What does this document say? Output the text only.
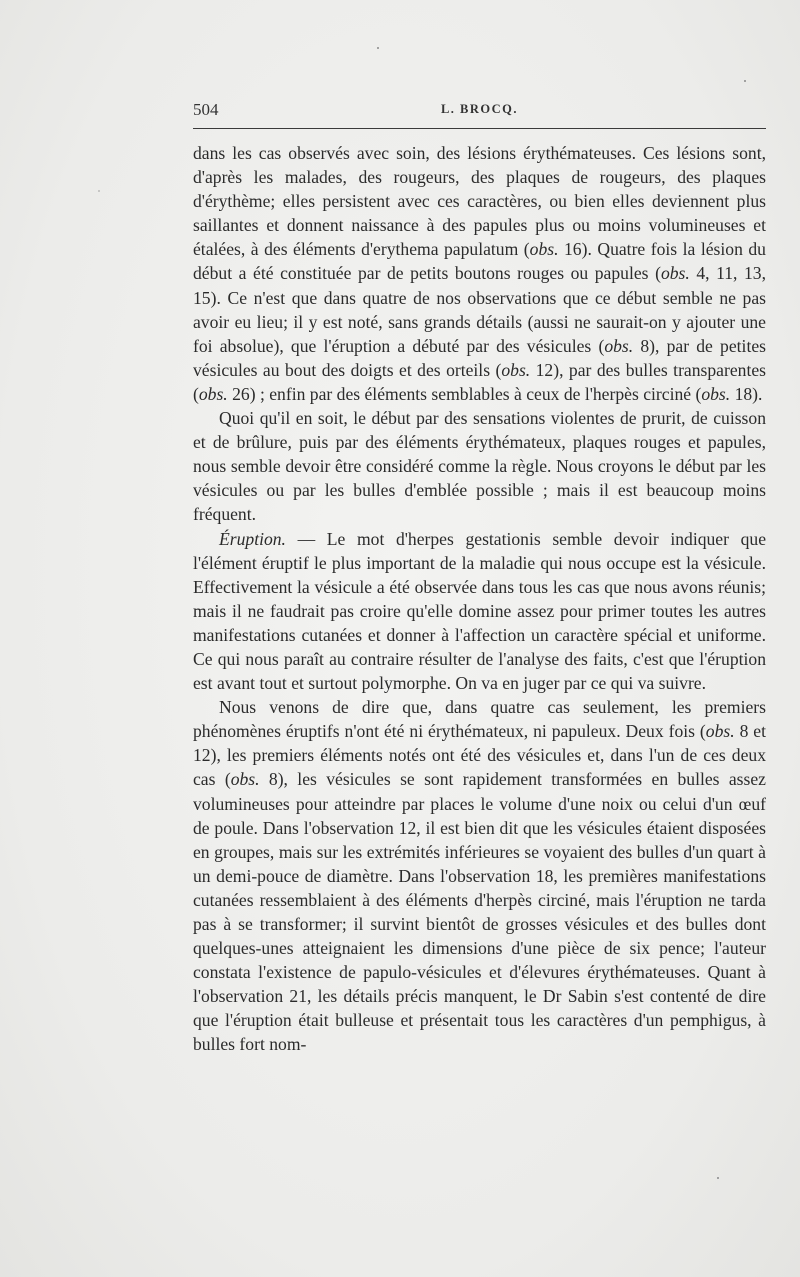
504	L. BROCQ.

dans les cas observés avec soin, des lésions érythémateuses. Ces lésions sont, d'après les malades, des rougeurs, des plaques de rougeurs, des plaques d'érythème; elles persistent avec ces caractères, ou bien elles deviennent plus saillantes et donnent naissance à des papules plus ou moins volumineuses et étalées, à des éléments d'erythema papulatum (obs. 16). Quatre fois la lésion du début a été constituée par de petits boutons rouges ou papules (obs. 4, 11, 13, 15). Ce n'est que dans quatre de nos observations que ce début semble ne pas avoir eu lieu; il y est noté, sans grands détails (aussi ne saurait-on y ajouter une foi absolue), que l'éruption a débuté par des vésicules (obs. 8), par de petites vésicules au bout des doigts et des orteils (obs. 12), par des bulles transparentes (obs. 26) ; enfin par des éléments semblables à ceux de l'herpès circiné (obs. 18).

Quoi qu'il en soit, le début par des sensations violentes de prurit, de cuisson et de brûlure, puis par des éléments érythémateux, plaques rouges et papules, nous semble devoir être considéré comme la règle. Nous croyons le début par les vésicules ou par les bulles d'emblée possible ; mais il est beaucoup moins fréquent.

Éruption. — Le mot d'herpes gestationis semble devoir indiquer que l'élément éruptif le plus important de la maladie qui nous occupe est la vésicule. Effectivement la vésicule a été observée dans tous les cas que nous avons réunis; mais il ne faudrait pas croire qu'elle domine assez pour primer toutes les autres manifestations cutanées et donner à l'affection un caractère spécial et uniforme. Ce qui nous paraît au contraire résulter de l'analyse des faits, c'est que l'éruption est avant tout et surtout polymorphe. On va en juger par ce qui va suivre.

Nous venons de dire que, dans quatre cas seulement, les premiers phénomènes éruptifs n'ont été ni érythémateux, ni papuleux. Deux fois (obs. 8 et 12), les premiers éléments notés ont été des vésicules et, dans l'un de ces deux cas (obs. 8), les vésicules se sont rapidement transformées en bulles assez volumineuses pour atteindre par places le volume d'une noix ou celui d'un œuf de poule. Dans l'observation 12, il est bien dit que les vésicules étaient disposées en groupes, mais sur les extrémités inférieures se voyaient des bulles d'un quart à un demi-pouce de diamètre. Dans l'observation 18, les premières manifestations cutanées ressemblaient à des éléments d'herpès circiné, mais l'éruption ne tarda pas à se transformer; il survint bientôt de grosses vésicules et des bulles dont quelques-unes atteignaient les dimensions d'une pièce de six pence; l'auteur constata l'existence de papulo-vésicules et d'élevures érythémateuses. Quant à l'observation 21, les détails précis manquent, le Dr Sabin s'est contenté de dire que l'éruption était bulleuse et présentait tous les caractères d'un pemphigus, à bulles fort nom-
